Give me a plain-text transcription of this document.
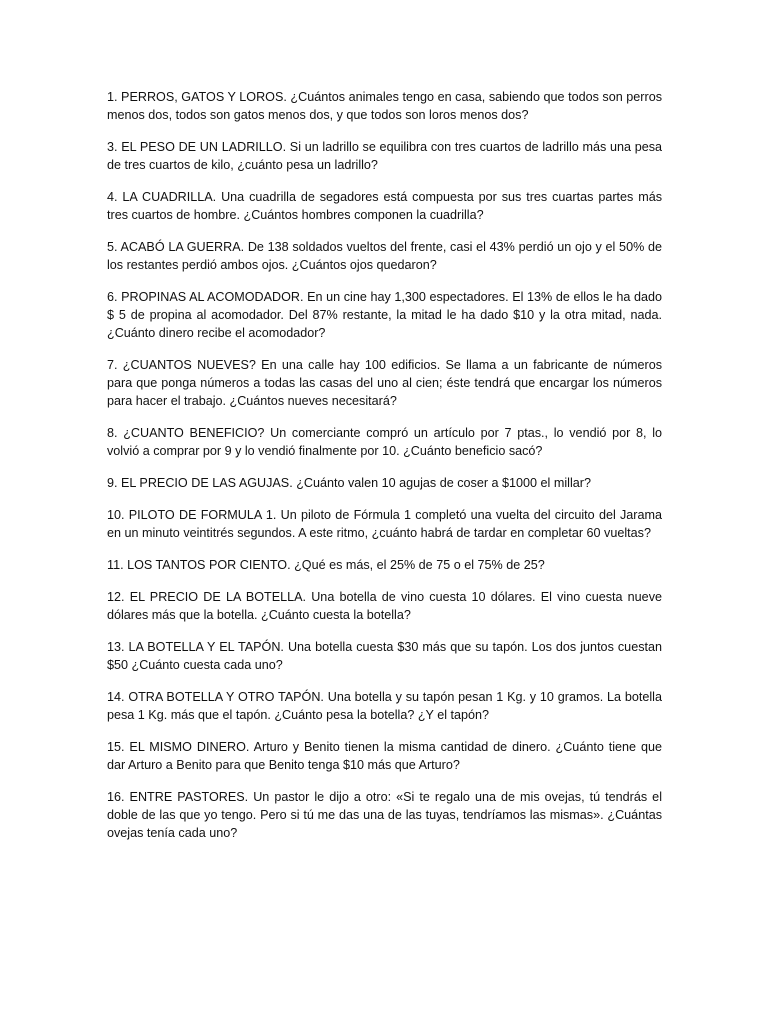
1. PERROS, GATOS Y LOROS. ¿Cuántos animales tengo en casa, sabiendo que todos son perros menos dos, todos son gatos menos dos, y que todos son loros menos dos?

3. EL PESO DE UN LADRILLO. Si un ladrillo se equilibra con tres cuartos de ladrillo más una pesa de tres cuartos de kilo, ¿cuánto pesa un ladrillo?

4. LA CUADRILLA. Una cuadrilla de segadores está compuesta por sus tres cuartas partes más tres cuartos de hombre. ¿Cuántos hombres componen la cuadrilla?

5. ACABÓ LA GUERRA. De 138 soldados vueltos del frente, casi el 43% perdió un ojo y el 50% de los restantes perdió ambos ojos. ¿Cuántos ojos quedaron?

6. PROPINAS AL ACOMODADOR. En un cine hay 1,300 espectadores. El 13% de ellos le ha dado $ 5 de propina al acomodador. Del 87% restante, la mitad le ha dado $10 y la otra mitad, nada. ¿Cuánto dinero recibe el acomodador?

7. ¿CUANTOS NUEVES? En una calle hay 100 edificios. Se llama a un fabricante de números para que ponga números a todas las casas del uno al cien; éste tendrá que encargar los números para hacer el trabajo. ¿Cuántos nueves necesitará?

8. ¿CUANTO BENEFICIO? Un comerciante compró un artículo por 7 ptas., lo vendió por 8, lo volvió a comprar por 9 y lo vendió finalmente por 10. ¿Cuánto beneficio sacó?

9. EL PRECIO DE LAS AGUJAS. ¿Cuánto valen 10 agujas de coser a $1000 el millar?

10. PILOTO DE FORMULA 1. Un piloto de Fórmula 1 completó una vuelta del circuito del Jarama en un minuto veintitrés segundos. A este ritmo, ¿cuánto habrá de tardar en completar 60 vueltas?

11. LOS TANTOS POR CIENTO. ¿Qué es más, el 25% de 75 o el 75% de 25?

12. EL PRECIO DE LA BOTELLA. Una botella de vino cuesta 10 dólares. El vino cuesta nueve dólares más que la botella. ¿Cuánto cuesta la botella?

13. LA BOTELLA Y EL TAPÓN. Una botella cuesta $30 más que su tapón. Los dos juntos cuestan $50 ¿Cuánto cuesta cada uno?

14. OTRA BOTELLA Y OTRO TAPÓN. Una botella y su tapón pesan 1 Kg. y 10 gramos. La botella pesa 1 Kg. más que el tapón. ¿Cuánto pesa la botella? ¿Y el tapón?

15. EL MISMO DINERO. Arturo y Benito tienen la misma cantidad de dinero. ¿Cuánto tiene que dar Arturo a Benito para que Benito tenga $10 más que Arturo?

16. ENTRE PASTORES. Un pastor le dijo a otro: «Si te regalo una de mis ovejas, tú tendrás el doble de las que yo tengo. Pero si tú me das una de las tuyas, tendríamos las mismas». ¿Cuántas ovejas tenía cada uno?
